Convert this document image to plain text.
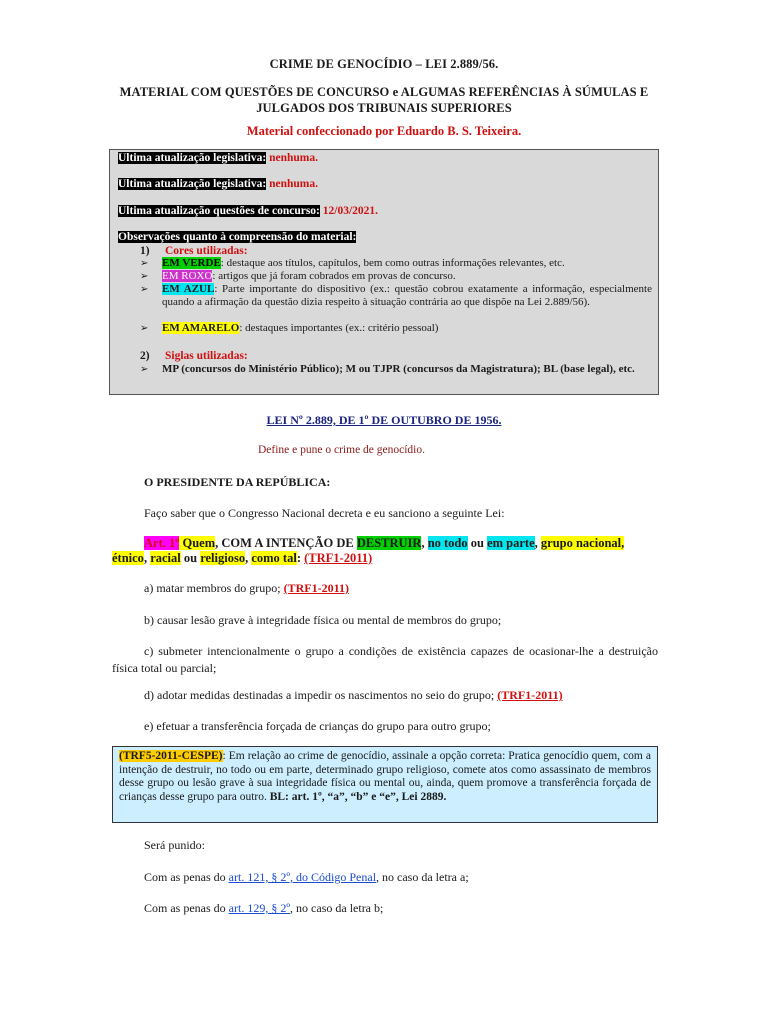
CRIME DE GENOCÍDIO – LEI 2.889/56.
MATERIAL COM QUESTÕES DE CONCURSO e ALGUMAS REFERÊNCIAS À SÚMULAS E
JULGADOS DOS TRIBUNAIS SUPERIORES
Material confeccionado por Eduardo B. S. Teixeira.
Ultima atualização legislativa: nenhuma.
Ultima atualização legislativa: nenhuma.
Ultima atualização questões de concurso: 12/03/2021.
Observações quanto à compreensão do material:
1) Cores utilizadas:
➢ EM VERDE: destaque aos títulos, capítulos, bem como outras informações relevantes, etc.
➢ EM ROXO: artigos que já foram cobrados em provas de concurso.
➢ EM AZUL: Parte importante do dispositivo (ex.: questão cobrou exatamente a informação, especialmente quando a afirmação da questão dizia respeito à situação contrária ao que dispõe na Lei 2.889/56).
➢ EM AMARELO: destaques importantes (ex.: critério pessoal)
2) Siglas utilizadas:
➢ MP (concursos do Ministério Público); M ou TJPR (concursos da Magistratura); BL (base legal), etc.
LEI Nº 2.889, DE 1º DE OUTUBRO DE 1956.
Define e pune o crime de genocídio.
O PRESIDENTE DA REPÚBLICA:
Faço saber que o Congresso Nacional decreta e eu sanciono a seguinte Lei:
Art. 1º Quem, COM A INTENÇÃO DE DESTRUIR, no todo ou em parte, grupo nacional,
étnico, racial ou religioso, como tal: (TRF1-2011)
a) matar membros do grupo; (TRF1-2011)
b) causar lesão grave à integridade física ou mental de membros do grupo;
c) submeter intencionalmente o grupo a condições de existência capazes de ocasionar-lhe a destruição física total ou parcial;
d) adotar medidas destinadas a impedir os nascimentos no seio do grupo; (TRF1-2011)
e) efetuar a transferência forçada de crianças do grupo para outro grupo;
(TRF5-2011-CESPE): Em relação ao crime de genocídio, assinale a opção correta: Pratica genocídio quem, com a intenção de destruir, no todo ou em parte, determinado grupo religioso, comete atos como assassinato de membros desse grupo ou lesão grave à sua integridade física ou mental ou, ainda, quem promove a transferência forçada de crianças desse grupo para outro. BL: art. 1º, “a”, “b” e “e”, Lei 2889.
Será punido:
Com as penas do art. 121, § 2º, do Código Penal, no caso da letra a;
Com as penas do art. 129, § 2º, no caso da letra b;
